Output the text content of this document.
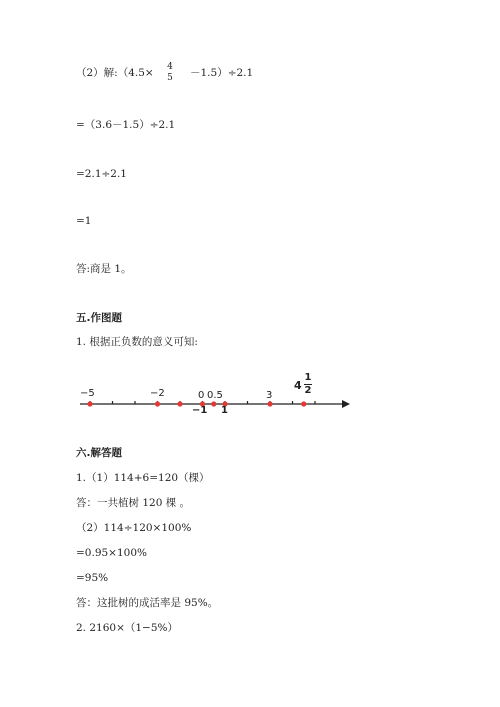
（2）解:（4.5×	4
5	－1.5）÷2.1
=（3.6－1.5）÷2.1
=2.1÷2.1
=1
答:商是 1。
五.作图题
1. 根据正负数的意义可知:
−5	−2	0 0.5	3
4
1
2
−1 1
六.解答题
1.（1）114+6=120（棵）
答：一共植树 120 棵 。
（2）114÷120×100%
=0.95×100%
=95%
答：这批树的成活率是 95%。
2. 2160×（1−5%）
